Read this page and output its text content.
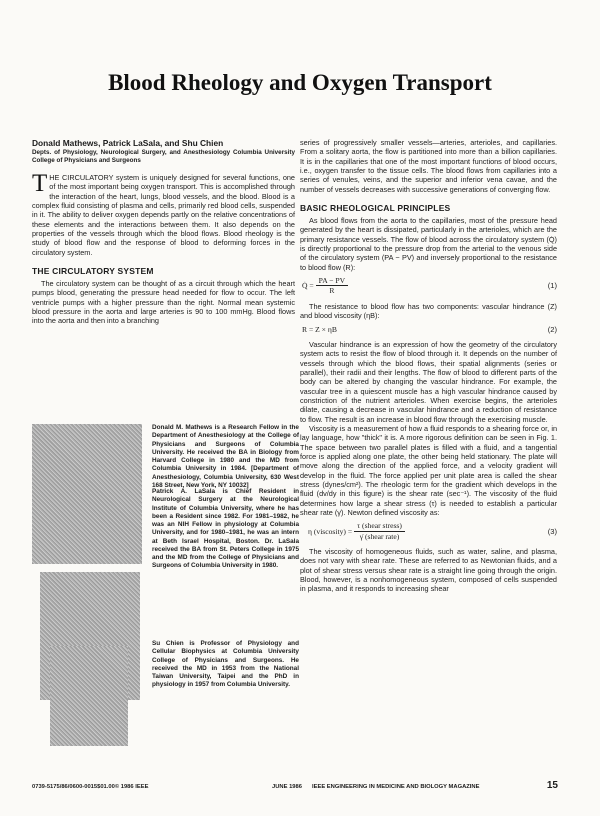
Blood Rheology and Oxygen Transport

Donald Mathews, Patrick LaSala, and Shu Chien

Depts. of Physiology, Neurological Surgery, and Anesthesiology Columbia University College of Physicians and Surgeons

THE CIRCULATORY system is uniquely designed for several functions, one of the most important being oxygen transport. This is accomplished through the interaction of the heart, lungs, blood vessels, and the blood. Blood is a complex fluid consisting of plasma and cells, primarily red blood cells, suspended in it. The ability to deliver oxygen depends partly on the relative concentrations of these elements and the interactions between them. It also depends on the properties of the vessels through which the blood flows. Blood rheology is the study of blood flow and the response of blood to deforming forces in the circulatory system.

THE CIRCULATORY SYSTEM

The circulatory system can be thought of as a circuit through which the heart pumps blood, generating the pressure head needed for flow to occur. The left ventricle pumps with a higher pressure than the right. Normal mean systemic blood pressure in the aorta and large arteries is 90 to 100 mmHg. Blood flows into the aorta and then into a branching

Donald M. Mathews is a Research Fellow in the Department of Anesthesiology at the College of Physicians and Surgeons of Columbia University. He received the BA in Biology from Harvard College in 1980 and the MD from Columbia University in 1984. [Department of Anesthesiology, Columbia University, 630 West 168 Street, New York, NY 10032]

Patrick A. LaSala is Chief Resident in Neurological Surgery at the Neurological Institute of Columbia University, where he has been a Resident since 1982. For 1981–1982, he was an NIH Fellow in physiology at Columbia University, and for 1980–1981, he was an intern at Beth Israel Hospital, Boston. Dr. LaSala received the BA from St. Peters College in 1975 and the MD from the College of Physicians and Surgeons of Columbia University in 1980.

Su Chien is Professor of Physiology and Cellular Biophysics at Columbia University College of Physicians and Surgeons. He received the MD in 1953 from the National Taiwan University, Taipei and the PhD in physiology in 1957 from Columbia University.

series of progressively smaller vessels—arteries, arterioles, and capillaries. From a solitary aorta, the flow is partitioned into more than a billion capillaries. It is in the capillaries that one of the most important functions of blood occurs, i.e., oxygen transfer to the tissue cells. The blood flows from capillaries into a series of venules, veins, and the superior and inferior vena cavae, and the number of vessels decreases with successive generations of converging flow.

BASIC RHEOLOGICAL PRINCIPLES

As blood flows from the aorta to the capillaries, most of the pressure head generated by the heart is dissipated, particularly in the arterioles, which are the primary resistance vessels. The flow of blood across the circulatory system (Q̇) is directly proportional to the pressure drop from the arterial to the venous side of the circulatory system (PA − PV) and inversely proportional to the resistance to blood flow (R):

Q̇ = $\frac{PA - PV}{R}$	(1)

The resistance to blood flow has two components: vascular hindrance (Z) and blood viscosity (ηB):

R = Z × ηB	(2)

Vascular hindrance is an expression of how the geometry of the circulatory system acts to resist the flow of blood through it. It depends on the number of vessels through which the blood flows, their spatial alignments (series or parallel), their radii and their lengths. The flow of blood to different parts of the body can be altered by changing the vascular hindrance. For example, the vascular tree in a quiescent muscle has a high vascular hindrance caused by constriction of the nutrient arterioles. When exercise begins, the arterioles dilate, causing a decrease in vascular hindrance and a reduction of resistance to flow. The result is an increase in blood flow through the exercising muscle.

Viscosity is a measurement of how a fluid responds to a shearing force or, in lay language, how "thick" it is. A more rigorous definition can be seen in Fig. 1. The space between two parallel plates is filled with a fluid, and a tangential force is applied along one plate, the other being held stationary. The plate will move along the direction of the applied force, and a velocity gradient will develop in the fluid. The force applied per unit plate area is called the shear stress (dynes/cm²). The rheologic term for the gradient which develops in the fluid (dv/dy in this figure) is the shear rate (sec⁻¹). The viscosity of the fluid determines how large a shear stress (τ) is needed to establish a particular shear rate (γ̇). Newton defined viscosity as:

η (viscosity) = $\frac{\text{τ (shear stress)}}{\text{γ̇ (shear rate)}}$	(3)

The viscosity of homogeneous fluids, such as water, saline, and plasma, does not vary with shear rate. These are referred to as Newtonian fluids, and a plot of shear stress versus shear rate is a straight line going through the origin. Blood, however, is a nonhomogeneous system, composed of cells suspended in plasma, and it responds to increasing shear

0739-5175/86/0600-0015$01.00© 1986 IEEE	JUNE 1986 IEEE ENGINEERING IN MEDICINE AND BIOLOGY MAGAZINE	15
